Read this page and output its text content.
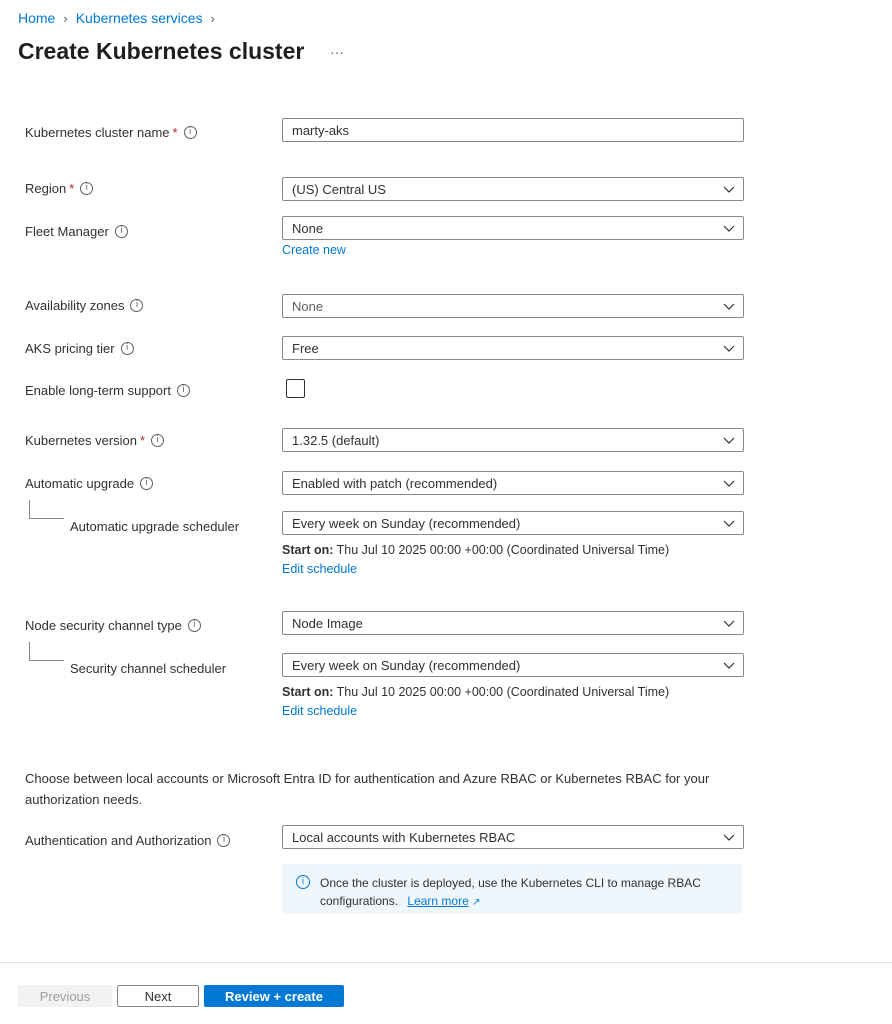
Home › Kubernetes services ›
Create Kubernetes cluster	···
Kubernetes cluster name *	i	marty-aks
Region *	i	(US) Central US
Fleet Manager	i	None
Create new
Availability zones	i	None
AKS pricing tier	i	Free
Enable long-term support	i
Kubernetes version *	i	1.32.5 (default)
Automatic upgrade	i	Enabled with patch (recommended)
Automatic upgrade scheduler	Every week on Sunday (recommended)
Start on: Thu Jul 10 2025 00:00 +00:00 (Coordinated Universal Time)
Edit schedule
Node security channel type	i	Node Image
Security channel scheduler	Every week on Sunday (recommended)
Start on: Thu Jul 10 2025 00:00 +00:00 (Coordinated Universal Time)
Edit schedule
Choose between local accounts or Microsoft Entra ID for authentication and Azure RBAC or Kubernetes RBAC for your authorization needs.
Authentication and Authorization	i	Local accounts with Kubernetes RBAC
i	Once the cluster is deployed, use the Kubernetes CLI to manage RBAC configurations. Learn more ↗
Previous	Next	Review + create
